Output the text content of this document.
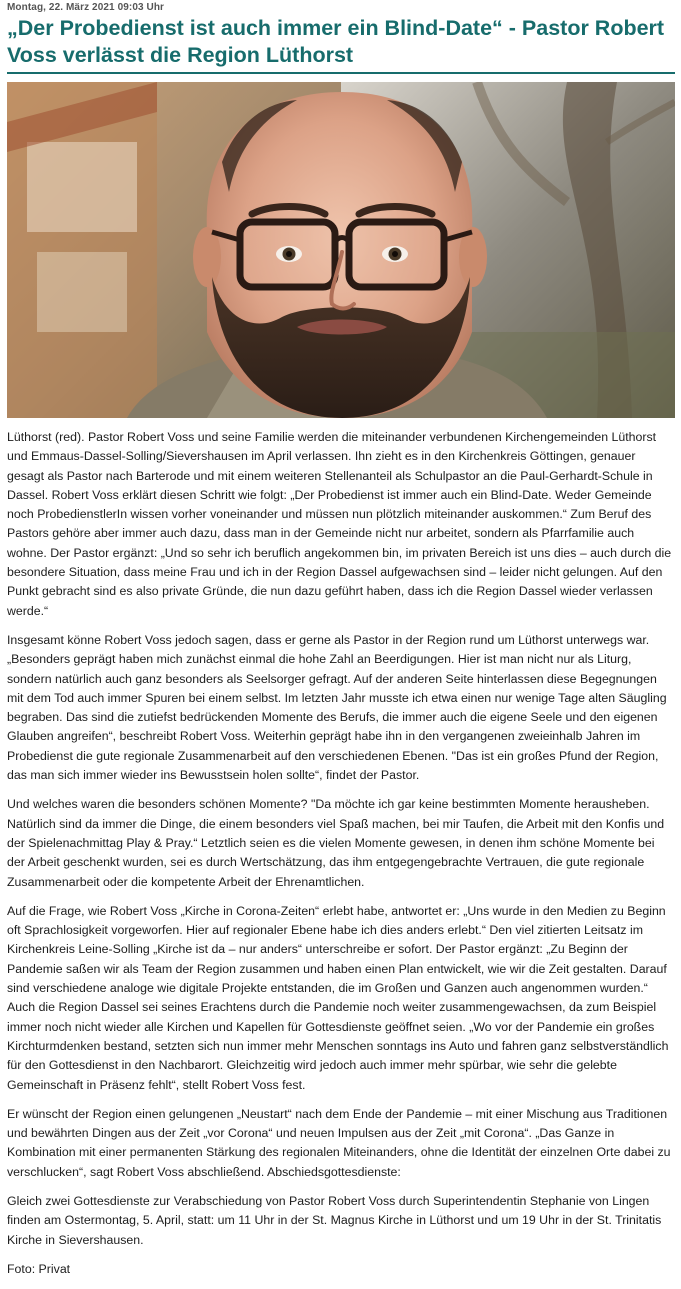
Montag, 22. März 2021 09:03 Uhr
„Der Probedienst ist auch immer ein Blind-Date“ - Pastor Robert Voss verlässt die Region Lüthorst

Lüthorst (red). Pastor Robert Voss und seine Familie werden die miteinander verbundenen Kirchengemeinden Lüthorst und Emmaus-Dassel-Solling/Sievershausen im April verlassen. Ihn zieht es in den Kirchenkreis Göttingen, genauer gesagt als Pastor nach Barterode und mit einem weiteren Stellenanteil als Schulpastor an die Paul-Gerhardt-Schule in Dassel. Robert Voss erklärt diesen Schritt wie folgt: „Der Probedienst ist immer auch ein Blind-Date. Weder Gemeinde noch ProbedienstlerIn wissen vorher voneinander und müssen nun plötzlich miteinander auskommen.“ Zum Beruf des Pastors gehöre aber immer auch dazu, dass man in der Gemeinde nicht nur arbeitet, sondern als Pfarrfamilie auch wohne. Der Pastor ergänzt: „Und so sehr ich beruflich angekommen bin, im privaten Bereich ist uns dies – auch durch die besondere Situation, dass meine Frau und ich in der Region Dassel aufgewachsen sind – leider nicht gelungen. Auf den Punkt gebracht sind es also private Gründe, die nun dazu geführt haben, dass ich die Region Dassel wieder verlassen werde.“

Insgesamt könne Robert Voss jedoch sagen, dass er gerne als Pastor in der Region rund um Lüthorst unterwegs war. „Besonders geprägt haben mich zunächst einmal die hohe Zahl an Beerdigungen. Hier ist man nicht nur als Liturg, sondern natürlich auch ganz besonders als Seelsorger gefragt. Auf der anderen Seite hinterlassen diese Begegnungen mit dem Tod auch immer Spuren bei einem selbst. Im letzten Jahr musste ich etwa einen nur wenige Tage alten Säugling begraben. Das sind die zutiefst bedrückenden Momente des Berufs, die immer auch die eigene Seele und den eigenen Glauben angreifen“, beschreibt Robert Voss. Weiterhin geprägt habe ihn in den vergangenen zweieinhalb Jahren im Probedienst die gute regionale Zusammenarbeit auf den verschiedenen Ebenen. "Das ist ein großes Pfund der Region, das man sich immer wieder ins Bewusstsein holen sollte“, findet der Pastor.

Und welches waren die besonders schönen Momente? "Da möchte ich gar keine bestimmten Momente herausheben. Natürlich sind da immer die Dinge, die einem besonders viel Spaß machen, bei mir Taufen, die Arbeit mit den Konfis und der Spielenachmittag Play & Pray.“ Letztlich seien es die vielen Momente gewesen, in denen ihm schöne Momente bei der Arbeit geschenkt wurden, sei es durch Wertschätzung, das ihm entgegengebrachte Vertrauen, die gute regionale Zusammenarbeit oder die kompetente Arbeit der Ehrenamtlichen.

Auf die Frage, wie Robert Voss „Kirche in Corona-Zeiten“ erlebt habe, antwortet er: „Uns wurde in den Medien zu Beginn oft Sprachlosigkeit vorgeworfen. Hier auf regionaler Ebene habe ich dies anders erlebt.“ Den viel zitierten Leitsatz im Kirchenkreis Leine-Solling „Kirche ist da – nur anders“ unterschreibe er sofort. Der Pastor ergänzt: „Zu Beginn der Pandemie saßen wir als Team der Region zusammen und haben einen Plan entwickelt, wie wir die Zeit gestalten. Darauf sind verschiedene analoge wie digitale Projekte entstanden, die im Großen und Ganzen auch angenommen wurden.“ Auch die Region Dassel sei seines Erachtens durch die Pandemie noch weiter zusammengewachsen, da zum Beispiel immer noch nicht wieder alle Kirchen und Kapellen für Gottesdienste geöffnet seien. „Wo vor der Pandemie ein großes Kirchturmdenken bestand, setzten sich nun immer mehr Menschen sonntags ins Auto und fahren ganz selbstverständlich für den Gottesdienst in den Nachbarort. Gleichzeitig wird jedoch auch immer mehr spürbar, wie sehr die gelebte Gemeinschaft in Präsenz fehlt“, stellt Robert Voss fest.

Er wünscht der Region einen gelungenen „Neustart“ nach dem Ende der Pandemie – mit einer Mischung aus Traditionen und bewährten Dingen aus der Zeit „vor Corona“ und neuen Impulsen aus der Zeit „mit Corona“. „Das Ganze in Kombination mit einer permanenten Stärkung des regionalen Miteinanders, ohne die Identität der einzelnen Orte dabei zu verschlucken“, sagt Robert Voss abschließend. Abschiedsgottesdienste:

Gleich zwei Gottesdienste zur Verabschiedung von Pastor Robert Voss durch Superintendentin Stephanie von Lingen finden am Ostermontag, 5. April, statt: um 11 Uhr in der St. Magnus Kirche in Lüthorst und um 19 Uhr in der St. Trinitatis Kirche in Sievershausen.

Foto: Privat
